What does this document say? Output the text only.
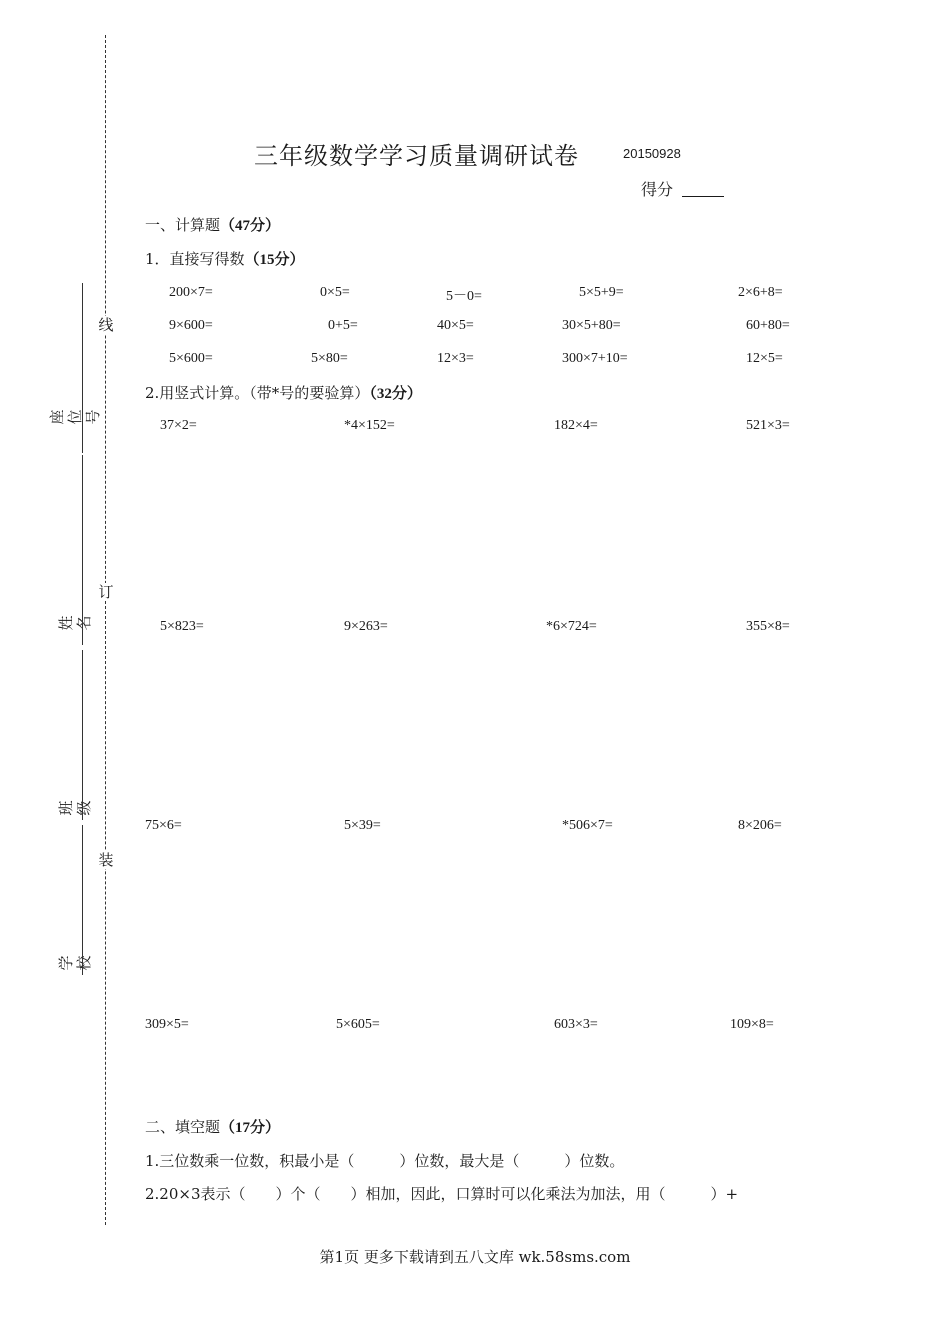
线
订
装
座位号
姓名
班级
学校
三年级数学学习质量调研试卷	20150928
得分
一、计算题（47分）
1．直接写得数（15分）
200×7=	0×5=	5－0=	5×5+9=	2×6+8=
9×600=	0+5=	40×5=	30×5+80=	60+80=
5×600=	5×80=	12×3=	300×7+10=	12×5=
2.用竖式计算。（带*号的要验算）（32分）
37×2=	*4×152=	182×4=	521×3=
5×823=	9×263=	*6×724=	355×8=
75×6=	5×39=	*506×7=	8×206=
309×5=	5×605=	603×3=	109×8=
二、填空题（17分）
1.三位数乘一位数，积最小是（　　　）位数，最大是（　　　）位数。
2.20×3表示（　　）个（　　）相加，因此，口算时可以化乘法为加法，用（　　　）+
第1页 更多下载请到五八文库 wk.58sms.com
